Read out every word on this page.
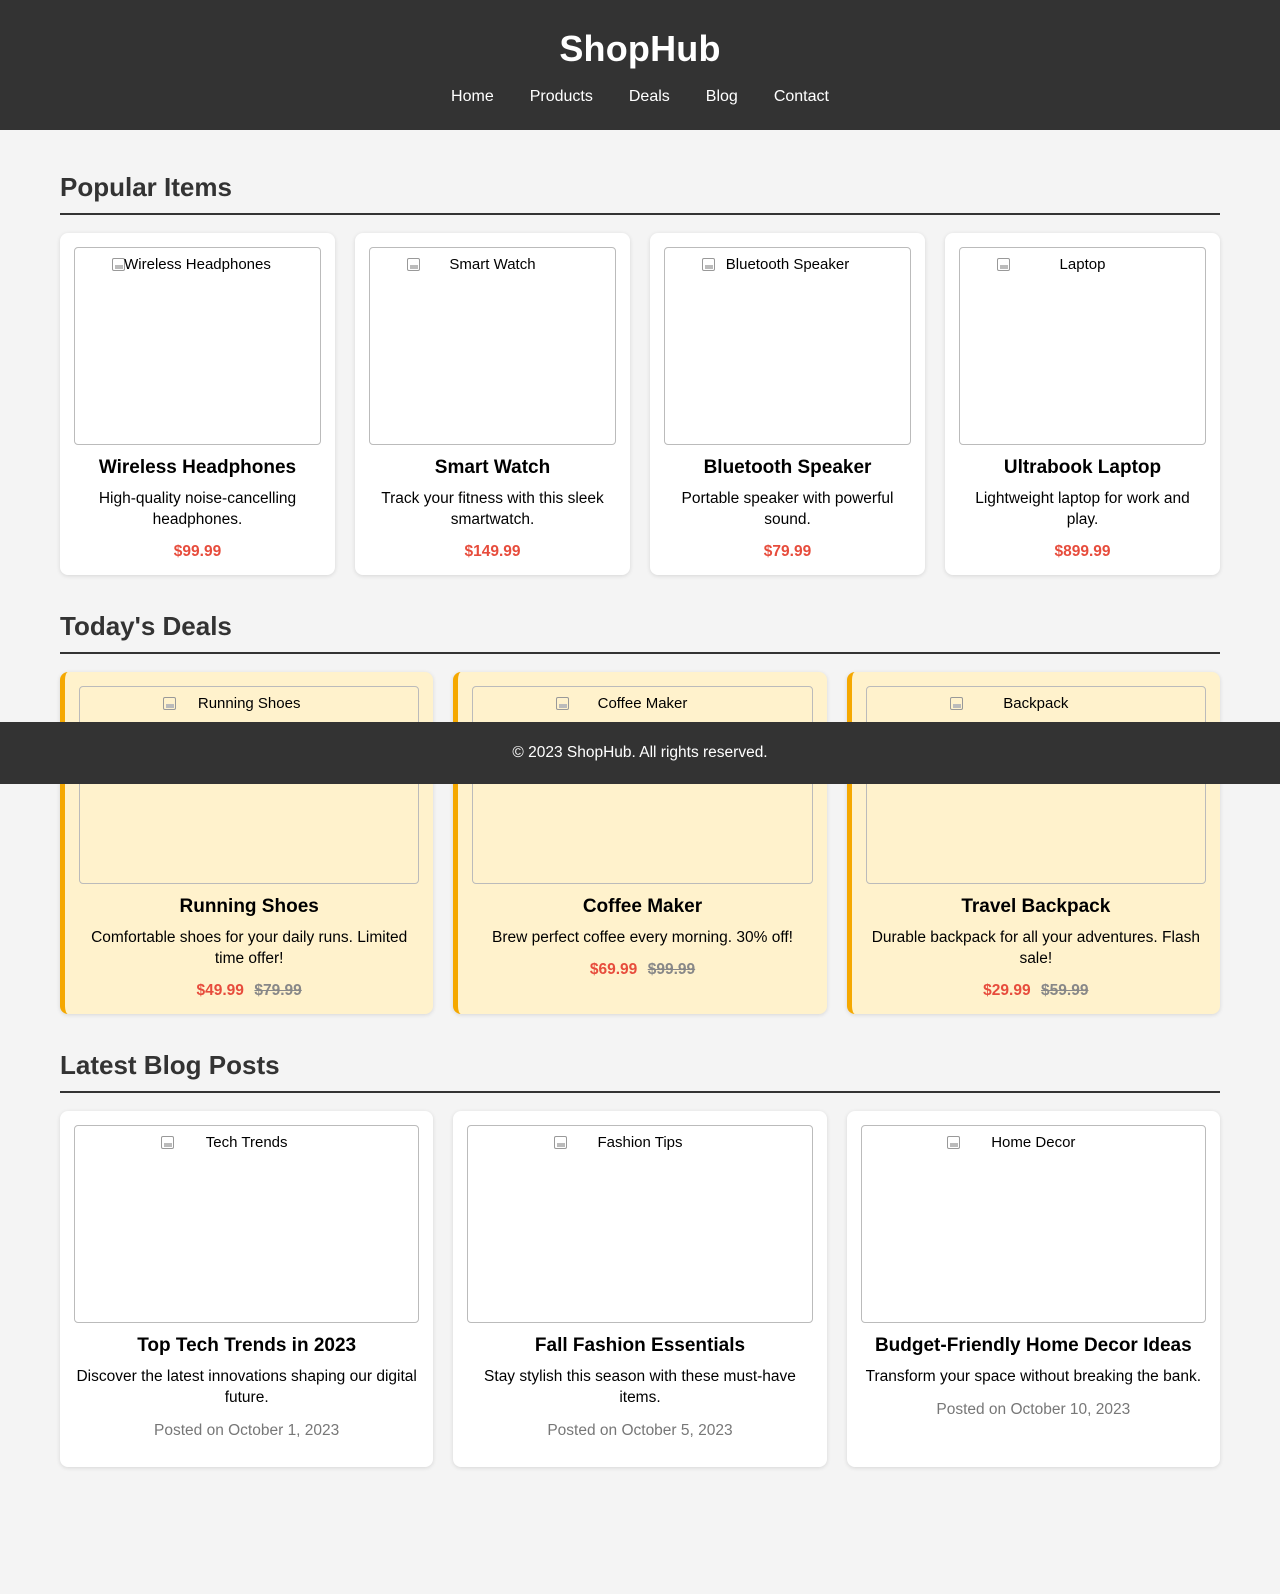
ShopHub
Home Products Deals Blog Contact
Popular Items
Wireless Headphones
Wireless Headphones

High-quality noise-cancelling headphones.

$99.99
Smart Watch
Smart Watch

Track your fitness with this sleek smartwatch.

$149.99
Bluetooth Speaker
Bluetooth Speaker

Portable speaker with powerful sound.

$79.99
Laptop
Ultrabook Laptop

Lightweight laptop for work and play.

$899.99
Today's Deals
Running Shoes
Running Shoes

Comfortable shoes for your daily runs. Limited time offer!

$49.99 $79.99
Coffee Maker
Coffee Maker

Brew perfect coffee every morning. 30% off!

$69.99 $99.99
Backpack
Travel Backpack

Durable backpack for all your adventures. Flash sale!

$29.99 $59.99
Latest Blog Posts
Tech Trends
Top Tech Trends in 2023

Discover the latest innovations shaping our digital future.

Posted on October 1, 2023

Fashion Tips
Fall Fashion Essentials

Stay stylish this season with these must-have items.

Posted on October 5, 2023

Home Decor
Budget-Friendly Home Decor Ideas

Transform your space without breaking the bank.

Posted on October 10, 2023

© 2023 ShopHub. All rights reserved.
